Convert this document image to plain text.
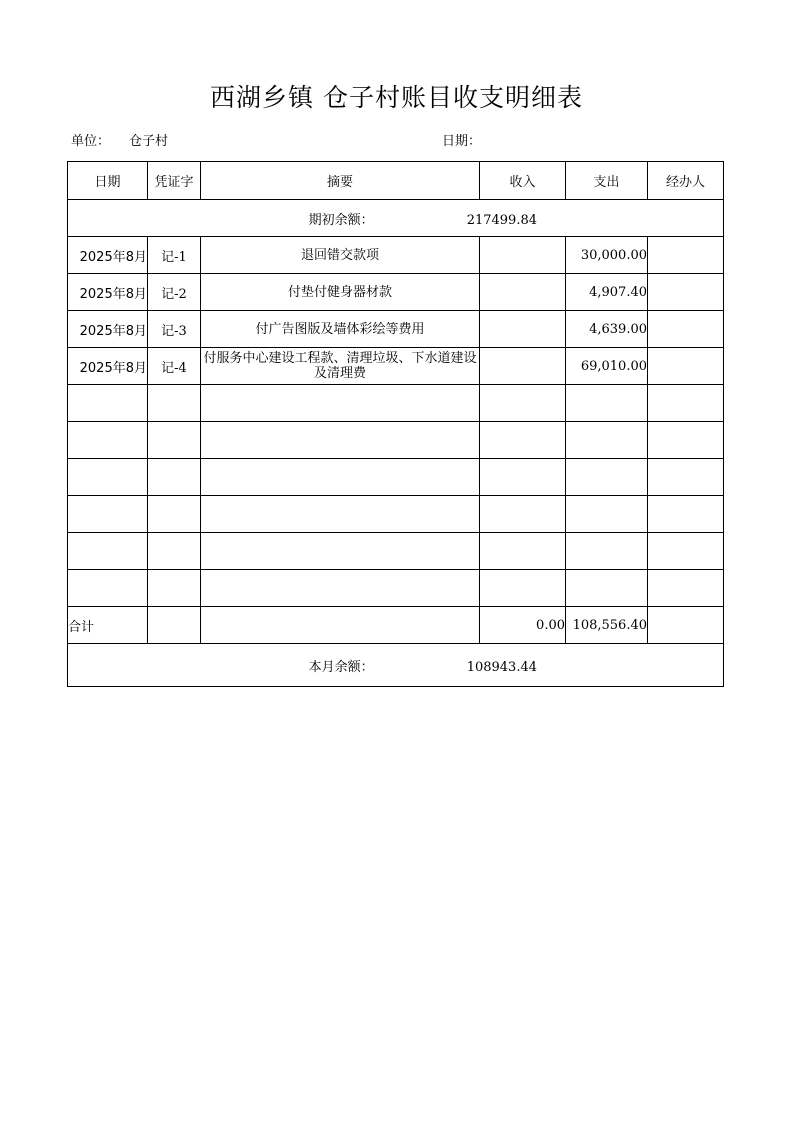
西湖乡镇 仓子村账目收支明细表
单位： 仓子村	日期：
日期	凭证字	摘要	收入	支出	经办人
期初余额： 217499.84					
2025年8月	记-1	退回错交款项		30,000.00	
2025年8月	记-2	付垫付健身器材款		4,907.40	
2025年8月	记-3	付广告图版及墙体彩绘等费用		4,639.00	
2025年8月	记-4	付服务中心建设工程款、清理垃圾、下水道建设及清理费		69,010.00	

合计			0.00	108,556.40	
本月余额： 108943.44					
